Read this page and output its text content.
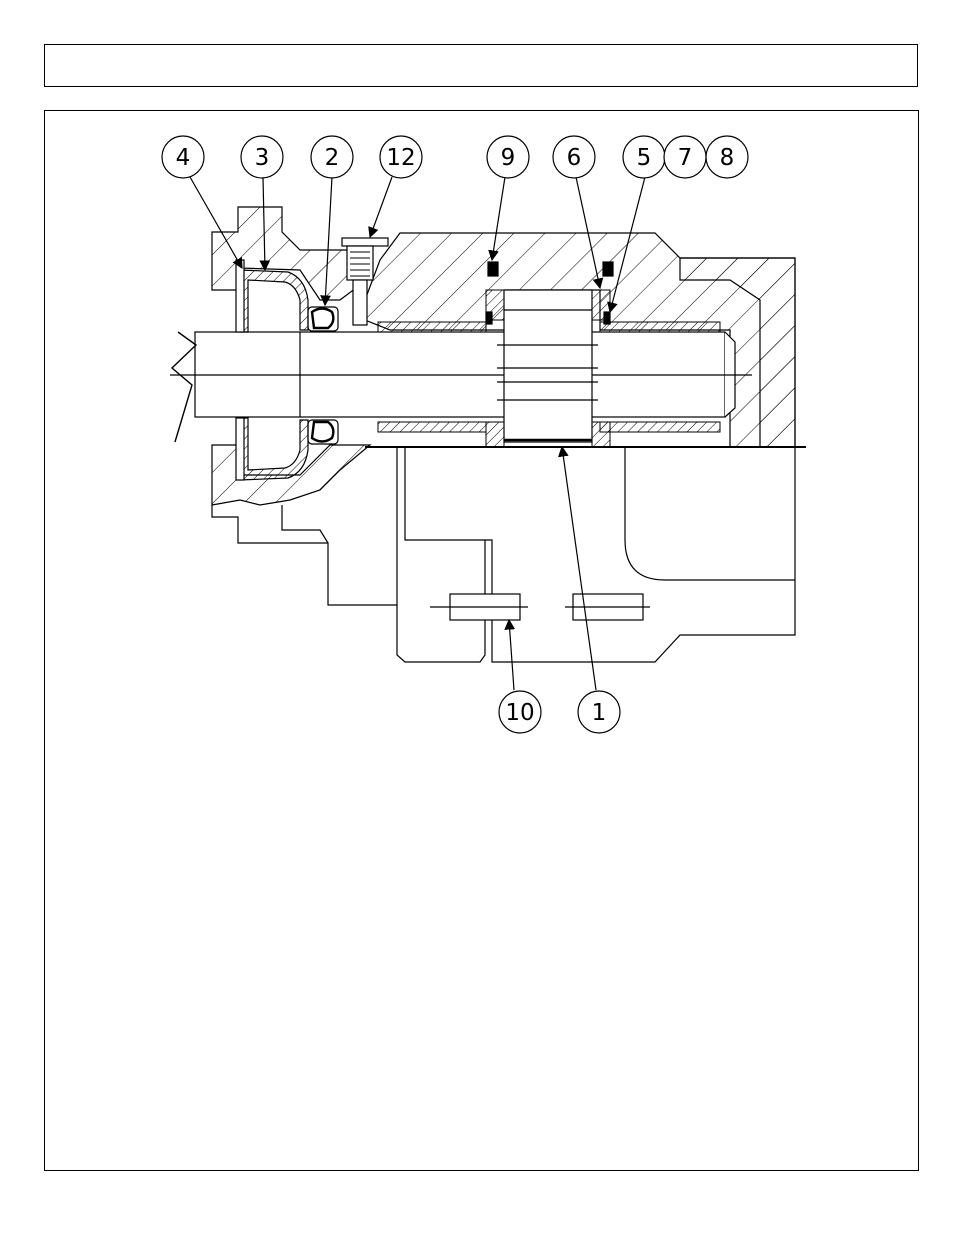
4	3 2 12	9 6 5 7 8
10 1
